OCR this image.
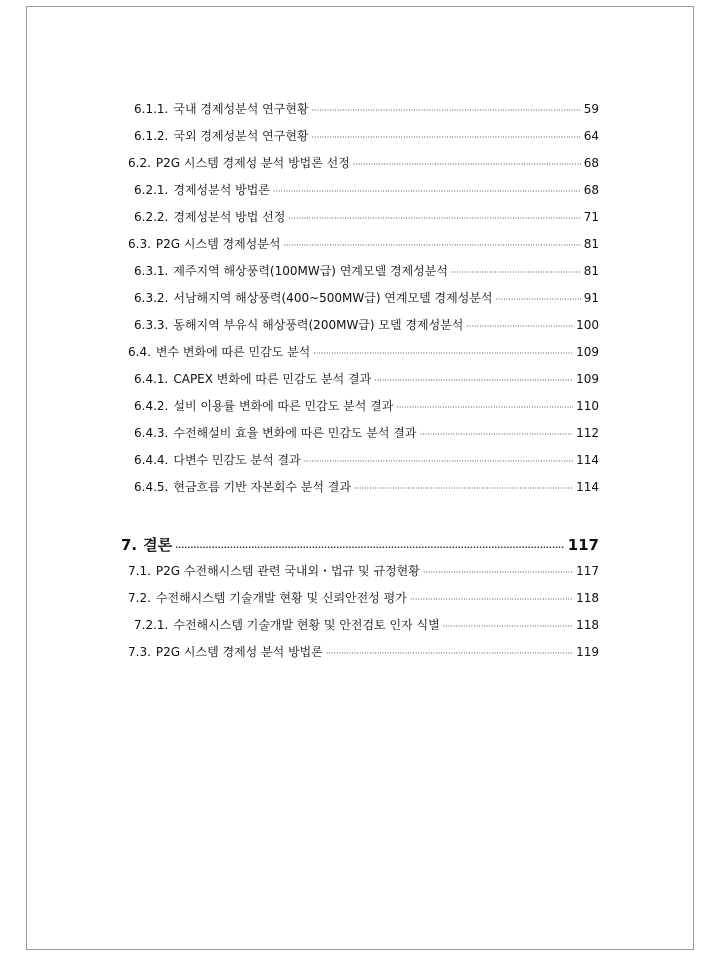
6.1.1. 국내 경제성분석 연구현황 ·····	59
6.1.2. 국외 경제성분석 연구현황 ·····	64
6.2. P2G 시스템 경제성 분석 방법론 선정 ·····	68
6.2.1. 경제성분석 방법론 ·····	68
6.2.2. 경제성분석 방법 선정 ·····	71
6.3. P2G 시스템 경제성분석 ·····	81
6.3.1. 제주지역 해상풍력(100MW급) 연계모델 경제성분석 ·····	81
6.3.2. 서남해지역 해상풍력(400~500MW급) 연계모델 경제성분석 ·····	91
6.3.3. 동해지역 부유식 해상풍력(200MW급) 모델 경제성분석 ·····	100
6.4. 변수 변화에 따른 민감도 분석 ·····	109
6.4.1. CAPEX 변화에 따른 민감도 분석 결과 ·····	109
6.4.2. 설비 이용률 변화에 따른 민감도 분석 결과 ·····	110
6.4.3. 수전해설비 효율 변화에 따른 민감도 분석 결과 ·····	112
6.4.4. 다변수 민감도 분석 결과 ·····	114
6.4.5. 현금흐름 기반 자본회수 분석 결과 ·····	114
7. 결론 ·····	117
7.1. P2G 수전해시스템 관련 국내외・법규 및 규정현황 ·····	117
7.2. 수전해시스템 기술개발 현황 및 신뢰안전성 평가 ·····	118
7.2.1. 수전해시스템 기술개발 현황 및 안전검토 인자 식별 ·····	118
7.3. P2G 시스템 경제성 분석 방법론 ·····	119
